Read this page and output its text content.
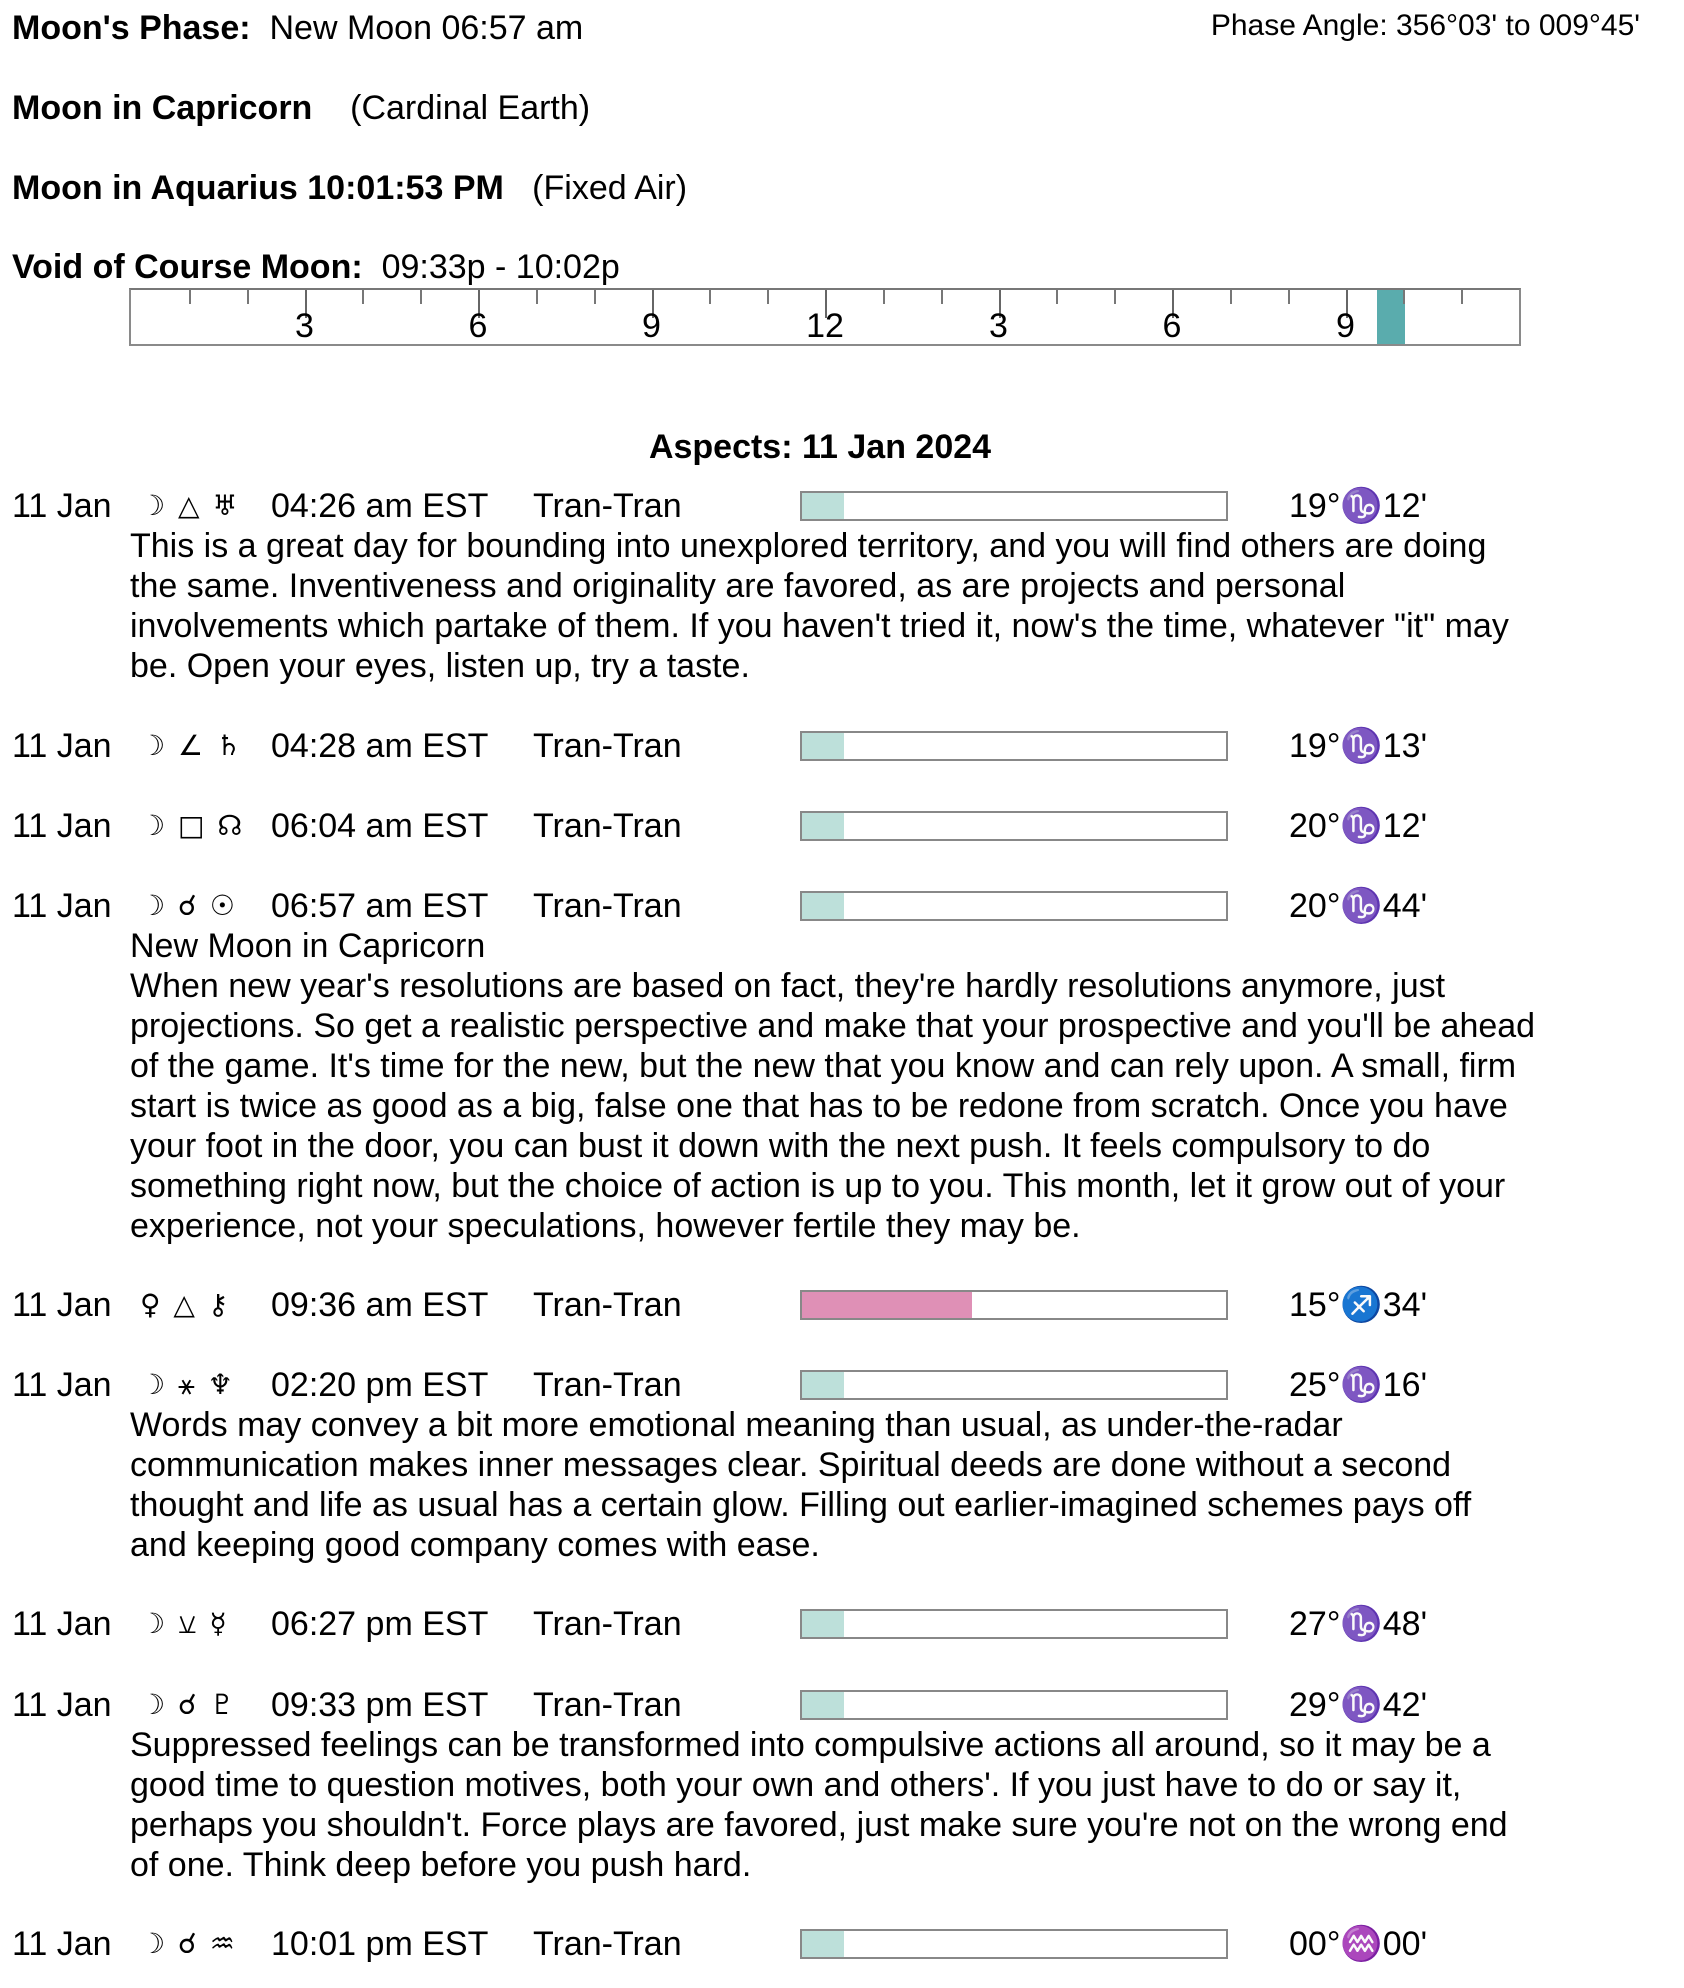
Moon's Phase: New Moon 06:57 am	Phase Angle: 356°03' to 009°45'
Moon in Capricorn (Cardinal Earth)
Moon in Aquarius 10:01:53 PM (Fixed Air)
Void of Course Moon: 09:33p - 10:02p
3	6	9	12	3	6	9
Aspects: 11 Jan 2024
11 Jan ☽ △ ♅ 04:26 am EST Tran-Tran	19°♑12'
This is a great day for bounding into unexplored territory, and you will find others are doing
the same. Inventiveness and originality are favored, as are projects and personal
involvements which partake of them. If you haven't tried it, now's the time, whatever "it" may
be. Open your eyes, listen up, try a taste.
11 Jan ☽ ∠ ♄ 04:28 am EST Tran-Tran	19°♑13'
11 Jan ☽ □ ☊ 06:04 am EST Tran-Tran	20°♑12'
11 Jan ☽ ☌ ☉ 06:57 am EST Tran-Tran	20°♑44'
New Moon in Capricorn
When new year's resolutions are based on fact, they're hardly resolutions anymore, just
projections. So get a realistic perspective and make that your prospective and you'll be ahead
of the game. It's time for the new, but the new that you know and can rely upon. A small, firm
start is twice as good as a big, false one that has to be redone from scratch. Once you have
your foot in the door, you can bust it down with the next push. It feels compulsory to do
something right now, but the choice of action is up to you. This month, let it grow out of your
experience, not your speculations, however fertile they may be.
11 Jan ♀ △ ⚷ 09:36 am EST Tran-Tran	15°♐34'
11 Jan ☽ ⚹ ♆ 02:20 pm EST Tran-Tran	25°♑16'
Words may convey a bit more emotional meaning than usual, as under-the-radar
communication makes inner messages clear. Spiritual deeds are done without a second
thought and life as usual has a certain glow. Filling out earlier-imagined schemes pays off
and keeping good company comes with ease.
11 Jan ☽ ⚺ ☿ 06:27 pm EST Tran-Tran	27°♑48'
11 Jan ☽ ☌ ♇ 09:33 pm EST Tran-Tran	29°♑42'
Suppressed feelings can be transformed into compulsive actions all around, so it may be a
good time to question motives, both your own and others'. If you just have to do or say it,
perhaps you shouldn't. Force plays are favored, just make sure you're not on the wrong end
of one. Think deep before you push hard.
11 Jan ☽ ☌ ♒ 10:01 pm EST Tran-Tran	00°♒00'
